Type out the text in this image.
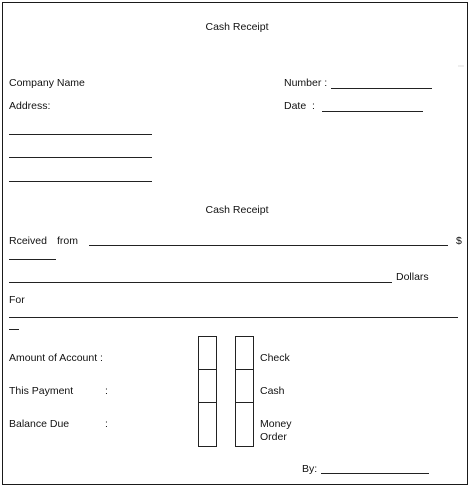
⋯
Cash Receipt
Company Name
Address:
Number :
Date  :
Cash Receipt
Rceived from	$
Dollars
For
Amount of Account :
This Payment	:
Balance Due	:
Check
Cash
Money
Order
By:
